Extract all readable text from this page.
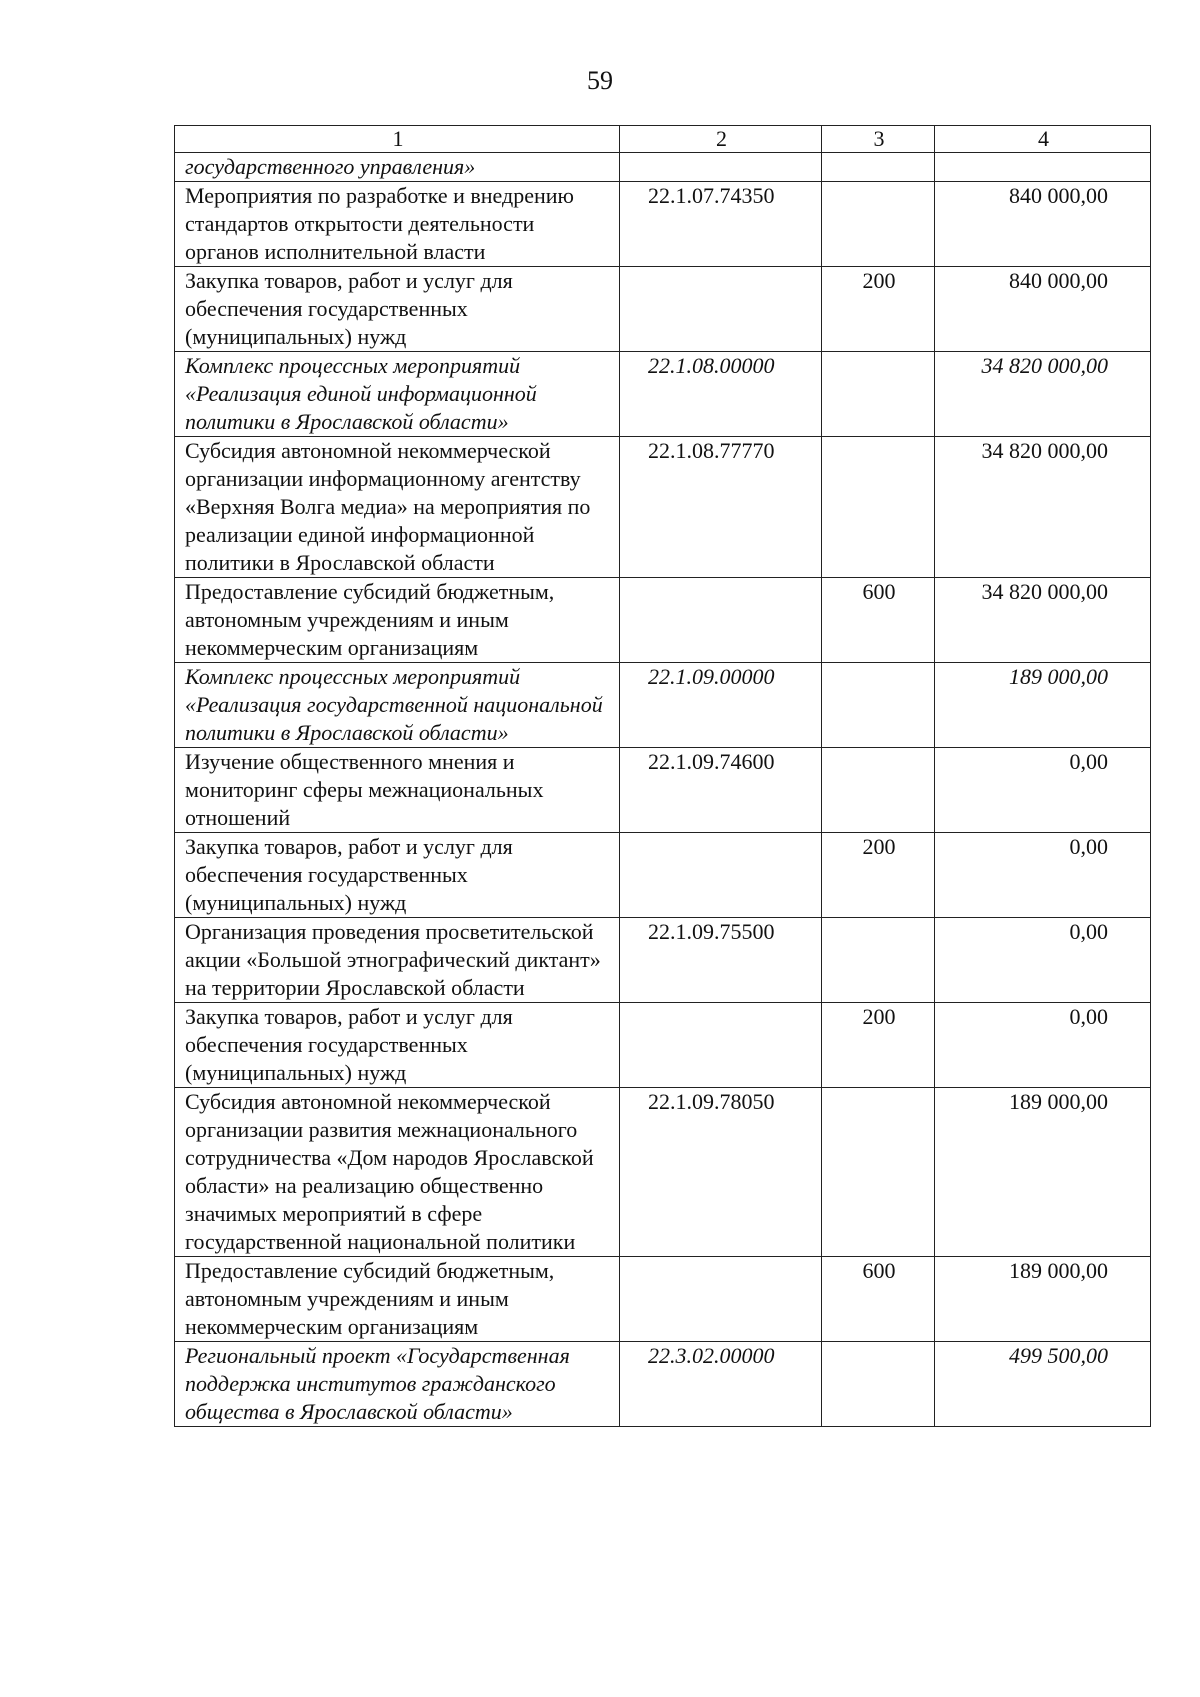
59
1	2	3	4
государственного управления»			
Мероприятия по разработке и внедрению стандартов открытости деятельности органов исполнительной власти	22.1.07.74350		840 000,00
Закупка товаров, работ и услуг для обеспечения государственных (муниципальных) нужд		200	840 000,00
Комплекс процессных мероприятий «Реализация единой информационной политики в Ярославской области»	22.1.08.00000		34 820 000,00
Субсидия автономной некоммерческой организации информационному агентству «Верхняя Волга медиа» на мероприятия по реализации единой информационной политики в Ярославской области	22.1.08.77770		34 820 000,00
Предоставление субсидий бюджетным, автономным учреждениям и иным некоммерческим организациям		600	34 820 000,00
Комплекс процессных мероприятий «Реализация государственной национальной политики в Ярославской области»	22.1.09.00000		189 000,00
Изучение общественного мнения и мониторинг сферы межнациональных отношений	22.1.09.74600		0,00
Закупка товаров, работ и услуг для обеспечения государственных (муниципальных) нужд		200	0,00
Организация проведения просветительской акции «Большой этнографический диктант» на территории Ярославской области	22.1.09.75500		0,00
Закупка товаров, работ и услуг для обеспечения государственных (муниципальных) нужд		200	0,00
Субсидия автономной некоммерческой организации развития межнационального сотрудничества «Дом народов Ярославской области» на реализацию общественно значимых мероприятий в сфере государственной национальной политики	22.1.09.78050		189 000,00
Предоставление субсидий бюджетным, автономным учреждениям и иным некоммерческим организациям		600	189 000,00
Региональный проект «Государственная поддержка институтов гражданского общества в Ярославской области»	22.3.02.00000		499 500,00
